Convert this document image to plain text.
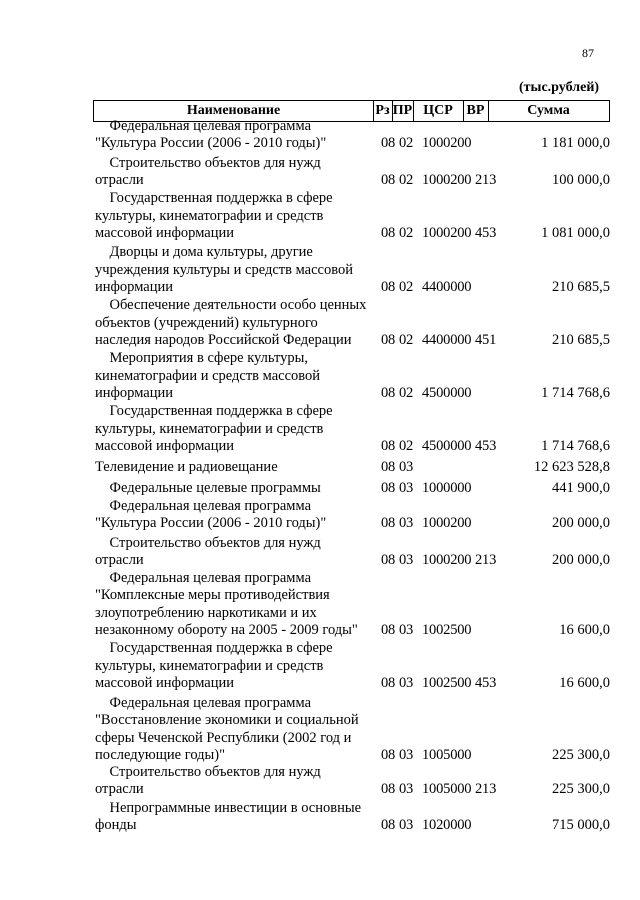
87
(тыс.рублей)
Наименование	Рз ПР ЦСР ВР	Сумма
Федеральная целевая программа
"Культура России (2006 - 2010 годы)"	08 02 1000200	1 181 000,0
Строительство объектов для нужд
отрасли	08 02 1000200 213	100 000,0
Государственная поддержка в сфере
культуры, кинематографии и средств
массовой информации	08 02 1000200 453	1 081 000,0
Дворцы и дома культуры, другие
учреждения культуры и средств массовой
информации	08 02 4400000	210 685,5
Обеспечение деятельности особо ценных
объектов (учреждений) культурного
наследия народов Российской Федерации	08 02 4400000 451	210 685,5
Мероприятия в сфере культуры,
кинематографии и средств массовой
информации	08 02 4500000	1 714 768,6
Государственная поддержка в сфере
культуры, кинематографии и средств
массовой информации	08 02 4500000 453	1 714 768,6
Телевидение и радиовещание	08 03	12 623 528,8
Федеральные целевые программы	08 03 1000000	441 900,0
Федеральная целевая программа
"Культура России (2006 - 2010 годы)"	08 03 1000200	200 000,0
Строительство объектов для нужд
отрасли	08 03 1000200 213	200 000,0
Федеральная целевая программа
"Комплексные меры противодействия
злоупотреблению наркотиками и их
незаконному обороту на 2005 - 2009 годы"	08 03 1002500	16 600,0
Государственная поддержка в сфере
культуры, кинематографии и средств
массовой информации	08 03 1002500 453	16 600,0
Федеральная целевая программа
"Восстановление экономики и социальной
сферы Чеченской Республики (2002 год и
последующие годы)"	08 03 1005000	225 300,0
Строительство объектов для нужд
отрасли	08 03 1005000 213	225 300,0
Непрограммные инвестиции в основные
фонды	08 03 1020000	715 000,0
